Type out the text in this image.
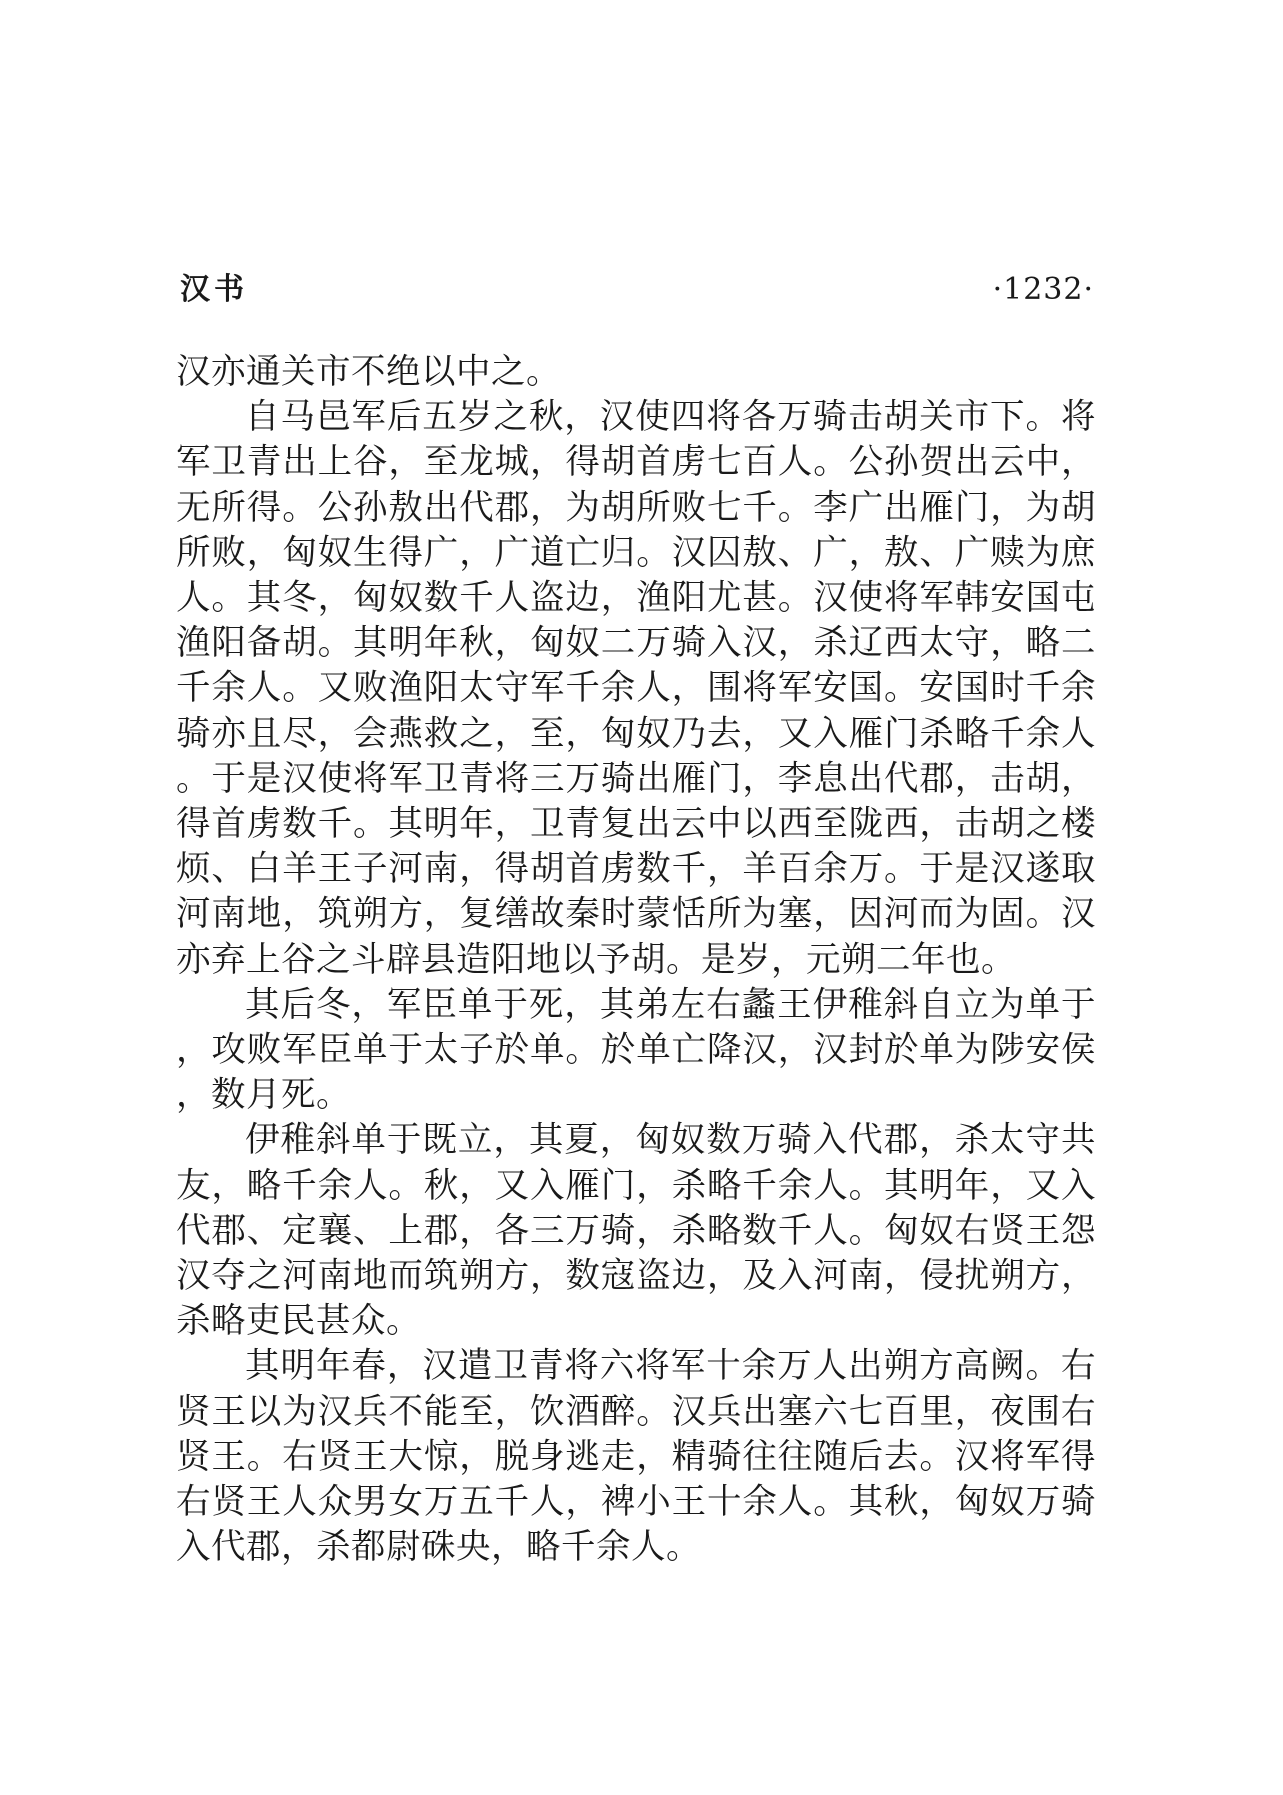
汉书	·1232·

汉亦通关市不绝以中之。

自马邑军后五岁之秋，汉使四将各万骑击胡关市下。将军卫青出上谷，至龙城，得胡首虏七百人。公孙贺出云中，无所得。公孙敖出代郡，为胡所败七千。李广出雁门，为胡所败，匈奴生得广，广道亡归。汉囚敖、广，敖、广赎为庶人。其冬，匈奴数千人盗边，渔阳尤甚。汉使将军韩安国屯渔阳备胡。其明年秋，匈奴二万骑入汉，杀辽西太守，略二千余人。又败渔阳太守军千余人，围将军安国。安国时千余骑亦且尽，会燕救之，至，匈奴乃去，又入雁门杀略千余人。于是汉使将军卫青将三万骑出雁门，李息出代郡，击胡，得首虏数千。其明年，卫青复出云中以西至陇西，击胡之楼烦、白羊王子河南，得胡首虏数千，羊百余万。于是汉遂取河南地，筑朔方，复缮故秦时蒙恬所为塞，因河而为固。汉亦弃上谷之斗辟县造阳地以予胡。是岁，元朔二年也。

其后冬，军臣单于死，其弟左右蠡王伊稚斜自立为单于，攻败军臣单于太子於单。於单亡降汉，汉封於单为陟安侯，数月死。

伊稚斜单于既立，其夏，匈奴数万骑入代郡，杀太守共友，略千余人。秋，又入雁门，杀略千余人。其明年，又入代郡、定襄、上郡，各三万骑，杀略数千人。匈奴右贤王怨汉夺之河南地而筑朔方，数寇盗边，及入河南，侵扰朔方，杀略吏民甚众。

其明年春，汉遣卫青将六将军十余万人出朔方高阙。右贤王以为汉兵不能至，饮酒醉。汉兵出塞六七百里，夜围右贤王。右贤王大惊，脱身逃走，精骑往往随后去。汉将军得右贤王人众男女万五千人，裨小王十余人。其秋，匈奴万骑入代郡，杀都尉硃央，略千余人。
